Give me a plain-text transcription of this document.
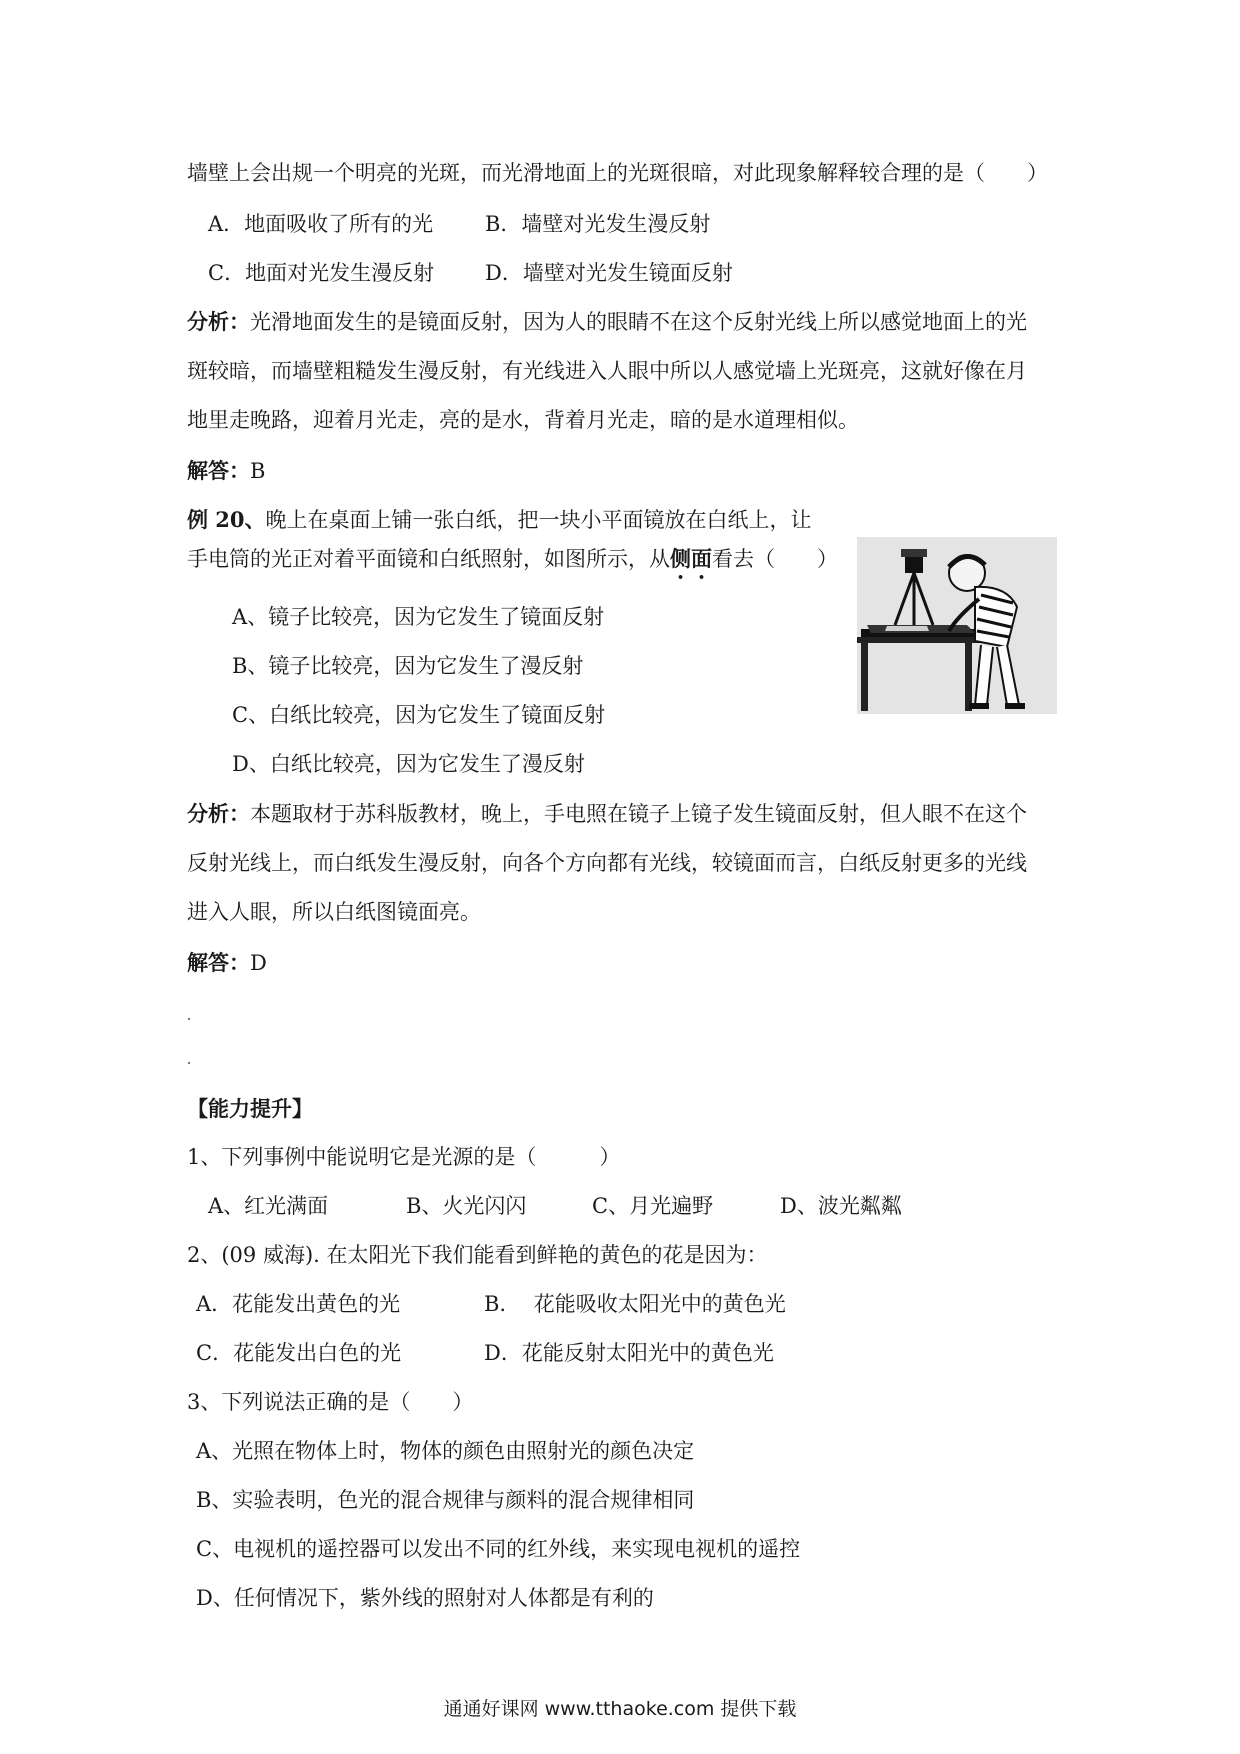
墙壁上会出规一个明亮的光斑，而光滑地面上的光斑很暗，对此现象解释较合理的是（　　）
A．地面吸收了所有的光 B．墙壁对光发生漫反射
C．地面对光发生漫反射 D．墙壁对光发生镜面反射
分析：光滑地面发生的是镜面反射，因为人的眼睛不在这个反射光线上所以感觉地面上的光
斑较暗，而墙壁粗糙发生漫反射，有光线进入人眼中所以人感觉墙上光斑亮，这就好像在月
地里走晚路，迎着月光走，亮的是水，背着月光走，暗的是水道理相似。
解答：B
例 20、晚上在桌面上铺一张白纸，把一块小平面镜放在白纸上，让
手电筒的光正对着平面镜和白纸照射，如图所示，从侧面看去（　　）
A、镜子比较亮，因为它发生了镜面反射
B、镜子比较亮，因为它发生了漫反射
C、白纸比较亮，因为它发生了镜面反射
D、白纸比较亮，因为它发生了漫反射
分析：本题取材于苏科版教材，晚上，手电照在镜子上镜子发生镜面反射，但人眼不在这个
反射光线上，而白纸发生漫反射，向各个方向都有光线，较镜面而言，白纸反射更多的光线
进入人眼，所以白纸图镜面亮。
解答：D
【能力提升】
1、下列事例中能说明它是光源的是（　　　）
A、红光满面	B、火光闪闪	C、月光遍野	D、波光粼粼
2、(09 威海). 在太阳光下我们能看到鲜艳的黄色的花是因为：
A．花能发出黄色的光	B.　 花能吸收太阳光中的黄色光
C．花能发出白色的光	D．花能反射太阳光中的黄色光
3、下列说法正确的是（　　）
A、光照在物体上时，物体的颜色由照射光的颜色决定
B、实验表明，色光的混合规律与颜料的混合规律相同
C、电视机的遥控器可以发出不同的红外线，来实现电视机的遥控
D、任何情况下，紫外线的照射对人体都是有利的
通通好课网 www.tthaoke.com 提供下载
